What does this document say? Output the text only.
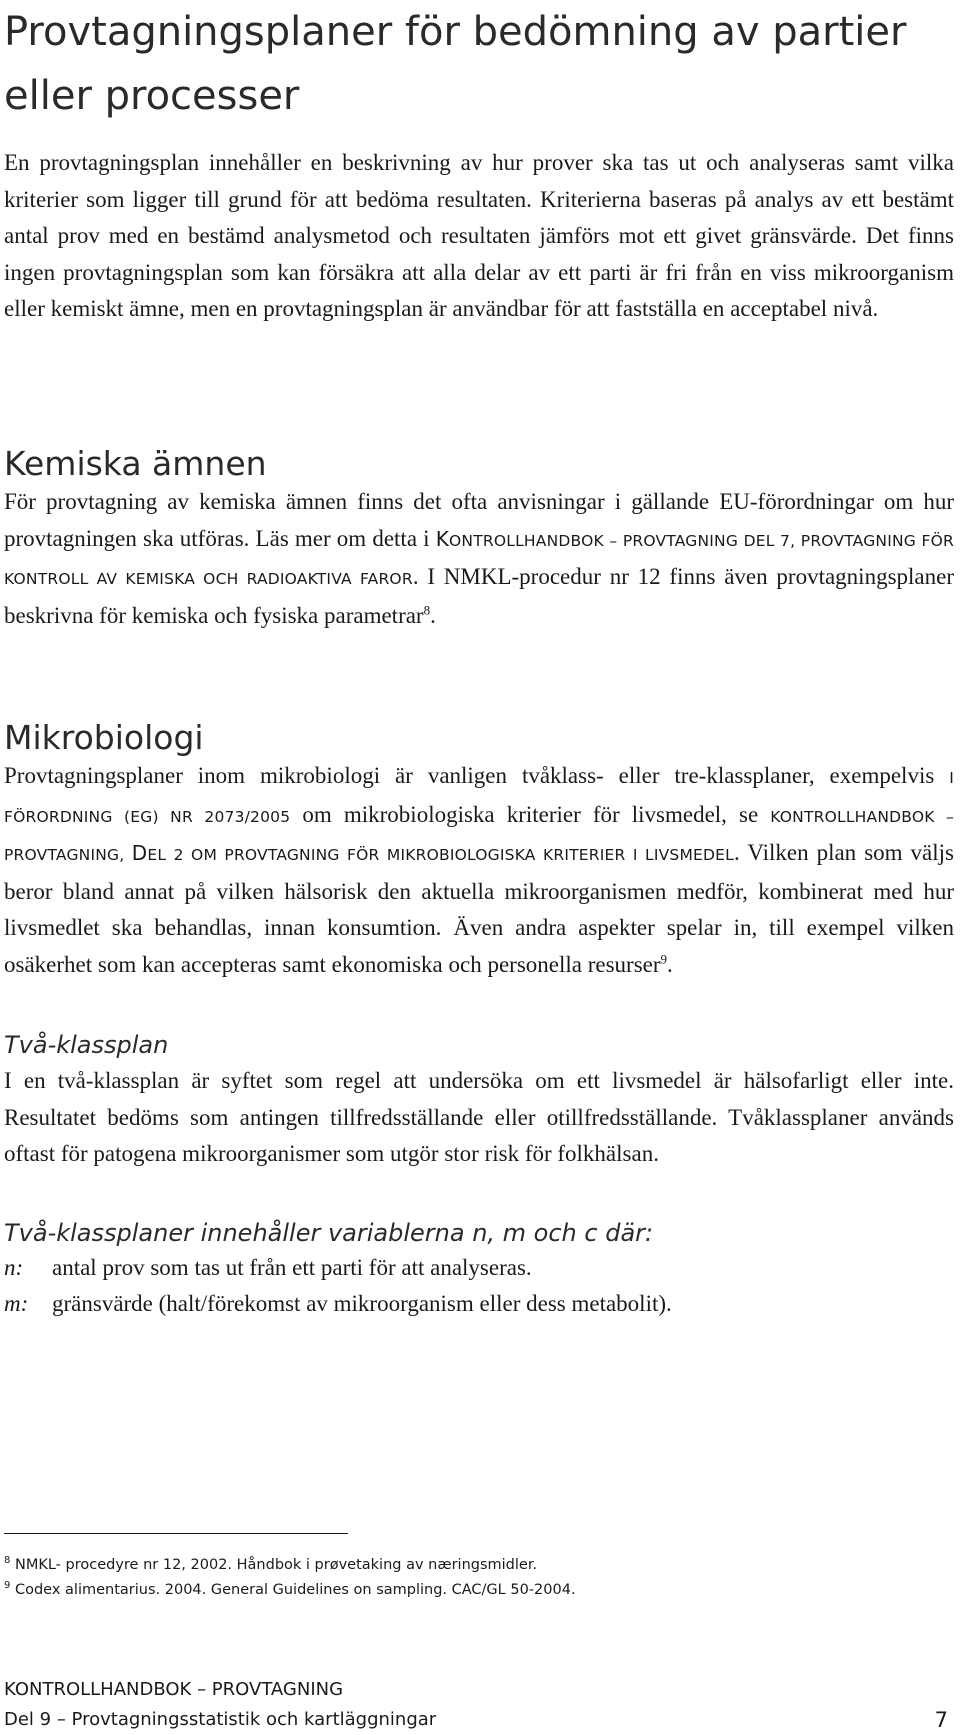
Provtagningsplaner för bedömning av partier eller processer

En provtagningsplan innehåller en beskrivning av hur prover ska tas ut och analyseras samt vilka kriterier som ligger till grund för att bedöma resultaten. Kriterierna baseras på analys av ett bestämt antal prov med en bestämd analysmetod och resultaten jämförs mot ett givet gränsvärde. Det finns ingen provtagningsplan som kan försäkra att alla delar av ett parti är fri från en viss mikroorganism eller kemiskt ämne, men en provtagningsplan är användbar för att fastställa en acceptabel nivå.

Kemiska ämnen

För provtagning av kemiska ämnen finns det ofta anvisningar i gällande EU-förordningar om hur provtagningen ska utföras. Läs mer om detta i KONTROLLHANDBOK – PROVTAGNING DEL 7, PROVTAGNING FÖR KONTROLL AV KEMISKA OCH RADIOAKTIVA FAROR. I NMKL-procedur nr 12 finns även provtagningsplaner beskrivna för kemiska och fysiska parametrar$^8$.

Mikrobiologi

Provtagningsplaner inom mikrobiologi är vanligen tvåklass- eller tre-klassplaner, exempelvis I FÖRORDNING (EG) NR 2073/2005 om mikrobiologiska kriterier för livsmedel, se KONTROLLHANDBOK – PROVTAGNING, DEL 2 OM PROVTAGNING FÖR MIKROBIOLOGISKA KRITERIER I LIVSMEDEL. Vilken plan som väljs beror bland annat på vilken hälsorisk den aktuella mikroorganismen medför, kombinerat med hur livsmedlet ska behandlas, innan konsumtion. Även andra aspekter spelar in, till exempel vilken osäkerhet som kan accepteras samt ekonomiska och personella resurser$^9$.

Två-klassplan

I en två-klassplan är syftet som regel att undersöka om ett livsmedel är hälsofarligt eller inte. Resultatet bedöms som antingen tillfredsställande eller otillfredsställande. Tvåklassplaner används oftast för patogena mikroorganismer som utgör stor risk för folkhälsan.

Två-klassplaner innehåller variablerna n, m och c där:
n: antal prov som tas ut från ett parti för att analyseras.
m: gränsvärde (halt/förekomst av mikroorganism eller dess metabolit).
$^8$ NMKL- procedyre nr 12, 2002. Håndbok i prøvetaking av næringsmidler.
$^9$ Codex alimentarius. 2004. General Guidelines on sampling. CAC/GL 50-2004.
KONTROLLHANDBOK – PROVTAGNING
Del 9 – Provtagningsstatistik och kartläggningar	7
